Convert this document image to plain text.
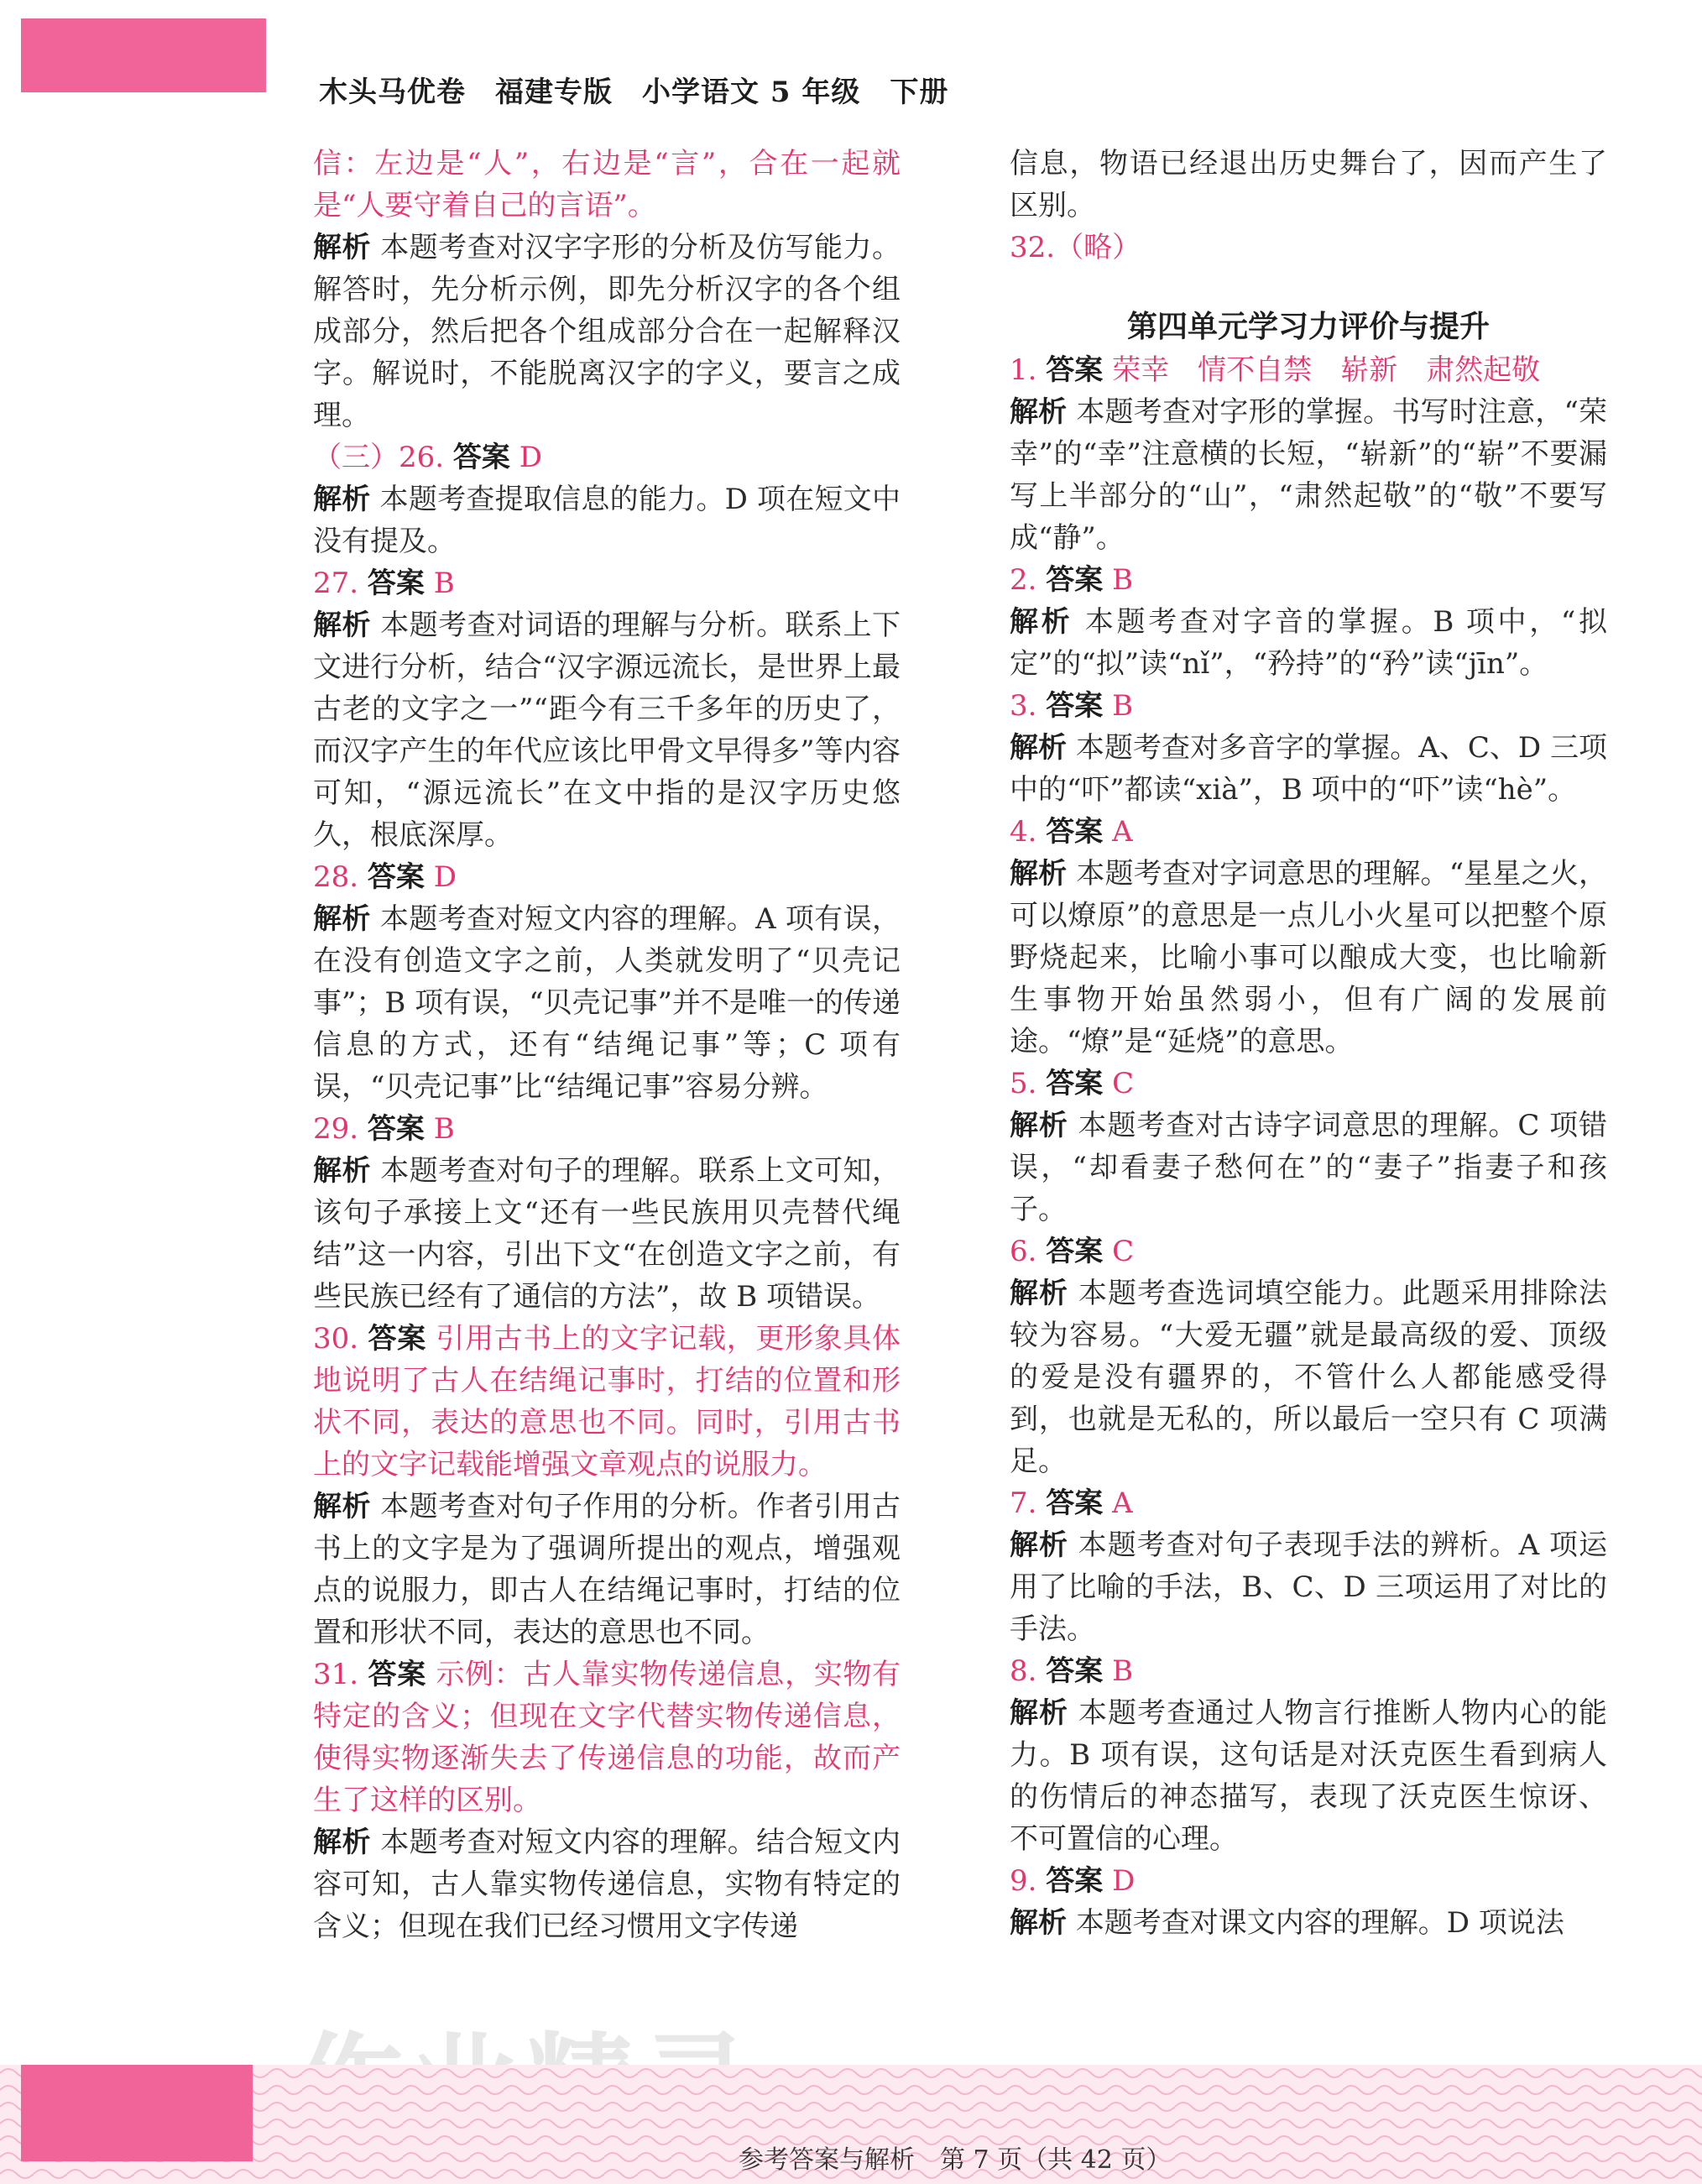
木头马优卷　福建专版　小学语文 5 年级　下册

信：左边是“人”，右边是“言”，合在一起就是“人要守着自己的言语”。

解析 本题考查对汉字字形的分析及仿写能力。解答时，先分析示例，即先分析汉字的各个组成部分，然后把各个组成部分合在一起解释汉字。解说时，不能脱离汉字的字义，要言之成理。

（三）26. 答案 D

解析 本题考查提取信息的能力。D 项在短文中没有提及。

27. 答案 B

解析 本题考查对词语的理解与分析。联系上下文进行分析，结合“汉字源远流长，是世界上最古老的文字之一”“距今有三千多年的历史了，而汉字产生的年代应该比甲骨文早得多”等内容可知，“源远流长”在文中指的是汉字历史悠久，根底深厚。

28. 答案 D

解析 本题考查对短文内容的理解。A 项有误，在没有创造文字之前，人类就发明了“贝壳记事”；B 项有误，“贝壳记事”并不是唯一的传递信息的方式，还有“结绳记事”等；C 项有误，“贝壳记事”比“结绳记事”容易分辨。

29. 答案 B

解析 本题考查对句子的理解。联系上文可知，该句子承接上文“还有一些民族用贝壳替代绳结”这一内容，引出下文“在创造文字之前，有些民族已经有了通信的方法”，故 B 项错误。

30. 答案 引用古书上的文字记载，更形象具体地说明了古人在结绳记事时，打结的位置和形状不同，表达的意思也不同。同时，引用古书上的文字记载能增强文章观点的说服力。

解析 本题考查对句子作用的分析。作者引用古书上的文字是为了强调所提出的观点，增强观点的说服力，即古人在结绳记事时，打结的位置和形状不同，表达的意思也不同。

31. 答案 示例：古人靠实物传递信息，实物有特定的含义；但现在文字代替实物传递信息，使得实物逐渐失去了传递信息的功能，故而产生了这样的区别。

解析 本题考查对短文内容的理解。结合短文内容可知，古人靠实物传递信息，实物有特定的含义；但现在我们已经习惯用文字传递

信息，物语已经退出历史舞台了，因而产生了区别。

32.（略）

第四单元学习力评价与提升

1. 答案 荣幸　情不自禁　崭新　肃然起敬

解析 本题考查对字形的掌握。书写时注意，“荣幸”的“幸”注意横的长短，“崭新”的“崭”不要漏写上半部分的“山”，“肃然起敬”的“敬”不要写成“静”。

2. 答案 B

解析 本题考查对字音的掌握。B 项中，“拟定”的“拟”读“nǐ”，“矜持”的“矜”读“jīn”。

3. 答案 B

解析 本题考查对多音字的掌握。A、C、D 三项中的“吓”都读“xià”，B 项中的“吓”读“hè”。

4. 答案 A

解析 本题考查对字词意思的理解。“星星之火，可以燎原”的意思是一点儿小火星可以把整个原野烧起来，比喻小事可以酿成大变，也比喻新生事物开始虽然弱小，但有广阔的发展前途。“燎”是“延烧”的意思。

5. 答案 C

解析 本题考查对古诗字词意思的理解。C 项错误，“却看妻子愁何在”的“妻子”指妻子和孩子。

6. 答案 C

解析 本题考查选词填空能力。此题采用排除法较为容易。“大爱无疆”就是最高级的爱、顶级的爱是没有疆界的，不管什么人都能感受得到，也就是无私的，所以最后一空只有 C 项满足。

7. 答案 A

解析 本题考查对句子表现手法的辨析。A 项运用了比喻的手法，B、C、D 三项运用了对比的手法。

8. 答案 B

解析 本题考查通过人物言行推断人物内心的能力。B 项有误，这句话是对沃克医生看到病人的伤情后的神态描写，表现了沃克医生惊讶、不可置信的心理。

9. 答案 D

解析 本题考查对课文内容的理解。D 项说法

参考答案与解析　第 7 页（共 42 页）
